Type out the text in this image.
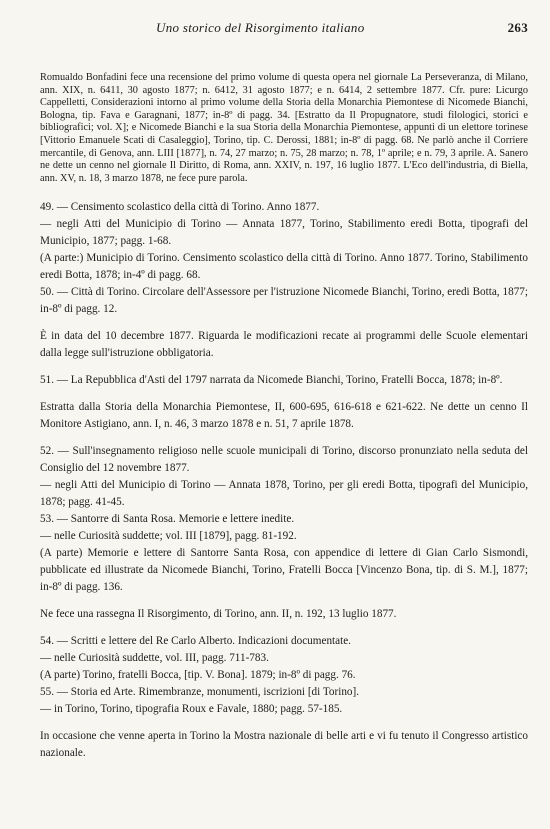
Uno storico del Risorgimento italiano	263

Romualdo Bonfadini fece una recensione del primo volume di questa opera nel giornale La Perseveranza, di Milano, ann. XIX, n. 6411, 30 agosto 1877; n. 6412, 31 agosto 1877; e n. 6414, 2 settembre 1877. Cfr. pure: Licurgo Cappelletti, Considerazioni intorno al primo volume della Storia della Monarchia Piemontese di Nicomede Bianchi, Bologna, tip. Fava e Garagnani, 1877; in-8º di pagg. 34. [Estratto da Il Propugnatore, studi filologici, storici e bibliografici; vol. X]; e Nicomede Bianchi e la sua Storia della Monarchia Piemontese, appunti di un elettore torinese [Vittorio Emanuele Scati di Casaleggio], Torino, tip. C. Derossi, 1881; in-8º di pagg. 68. Ne parlò anche il Corriere mercantile, di Genova, ann. LIII [1877], n. 74, 27 marzo; n. 75, 28 marzo; n. 78, 1º aprile; e n. 79, 3 aprile. A. Sanero ne dette un cenno nel giornale Il Diritto, di Roma, ann. XXIV, n. 197, 16 luglio 1877. L'Eco dell'industria, di Biella, ann. XV, n. 18, 3 marzo 1878, ne fece pure parola.

49. — Censimento scolastico della città di Torino. Anno 1877.

— negli Atti del Municipio di Torino — Annata 1877, Torino, Stabilimento eredi Botta, tipografi del Municipio, 1877; pagg. 1-68.

(A parte:) Municipio di Torino. Censimento scolastico della città di Torino. Anno 1877. Torino, Stabilimento eredi Botta, 1878; in-4º di pagg. 68.

50. — Città di Torino. Circolare dell'Assessore per l'istruzione Nicomede Bianchi, Torino, eredi Botta, 1877; in-8º di pagg. 12.

È in data del 10 decembre 1877. Riguarda le modificazioni recate ai programmi delle Scuole elementari dalla legge sull'istruzione obbligatoria.

51. — La Repubblica d'Asti del 1797 narrata da Nicomede Bianchi, Torino, Fratelli Bocca, 1878; in-8º.

Estratta dalla Storia della Monarchia Piemontese, II, 600-695, 616-618 e 621-622. Ne dette un cenno Il Monitore Astigiano, ann. I, n. 46, 3 marzo 1878 e n. 51, 7 aprile 1878.

52. — Sull'insegnamento religioso nelle scuole municipali di Torino, discorso pronunziato nella seduta del Consiglio del 12 novembre 1877.

— negli Atti del Municipio di Torino — Annata 1878, Torino, per gli eredi Botta, tipografi del Municipio, 1878; pagg. 41-45.

53. — Santorre di Santa Rosa. Memorie e lettere inedite.

— nelle Curiosità suddette; vol. III [1879], pagg. 81-192.

(A parte) Memorie e lettere di Santorre Santa Rosa, con appendice di lettere di Gian Carlo Sismondi, pubblicate ed illustrate da Nicomede Bianchi, Torino, Fratelli Bocca [Vincenzo Bona, tip. di S. M.], 1877; in-8º di pagg. 136.

Ne fece una rassegna Il Risorgimento, di Torino, ann. II, n. 192, 13 luglio 1877.

54. — Scritti e lettere del Re Carlo Alberto. Indicazioni documentate.

— nelle Curiosità suddette, vol. III, pagg. 711-783.

(A parte) Torino, fratelli Bocca, [tip. V. Bona]. 1879; in-8º di pagg. 76.

55. — Storia ed Arte. Rimembranze, monumenti, iscrizioni [di Torino].

— in Torino, Torino, tipografia Roux e Favale, 1880; pagg. 57-185.

In occasione che venne aperta in Torino la Mostra nazionale di belle arti e vi fu tenuto il Congresso artistico nazionale.
